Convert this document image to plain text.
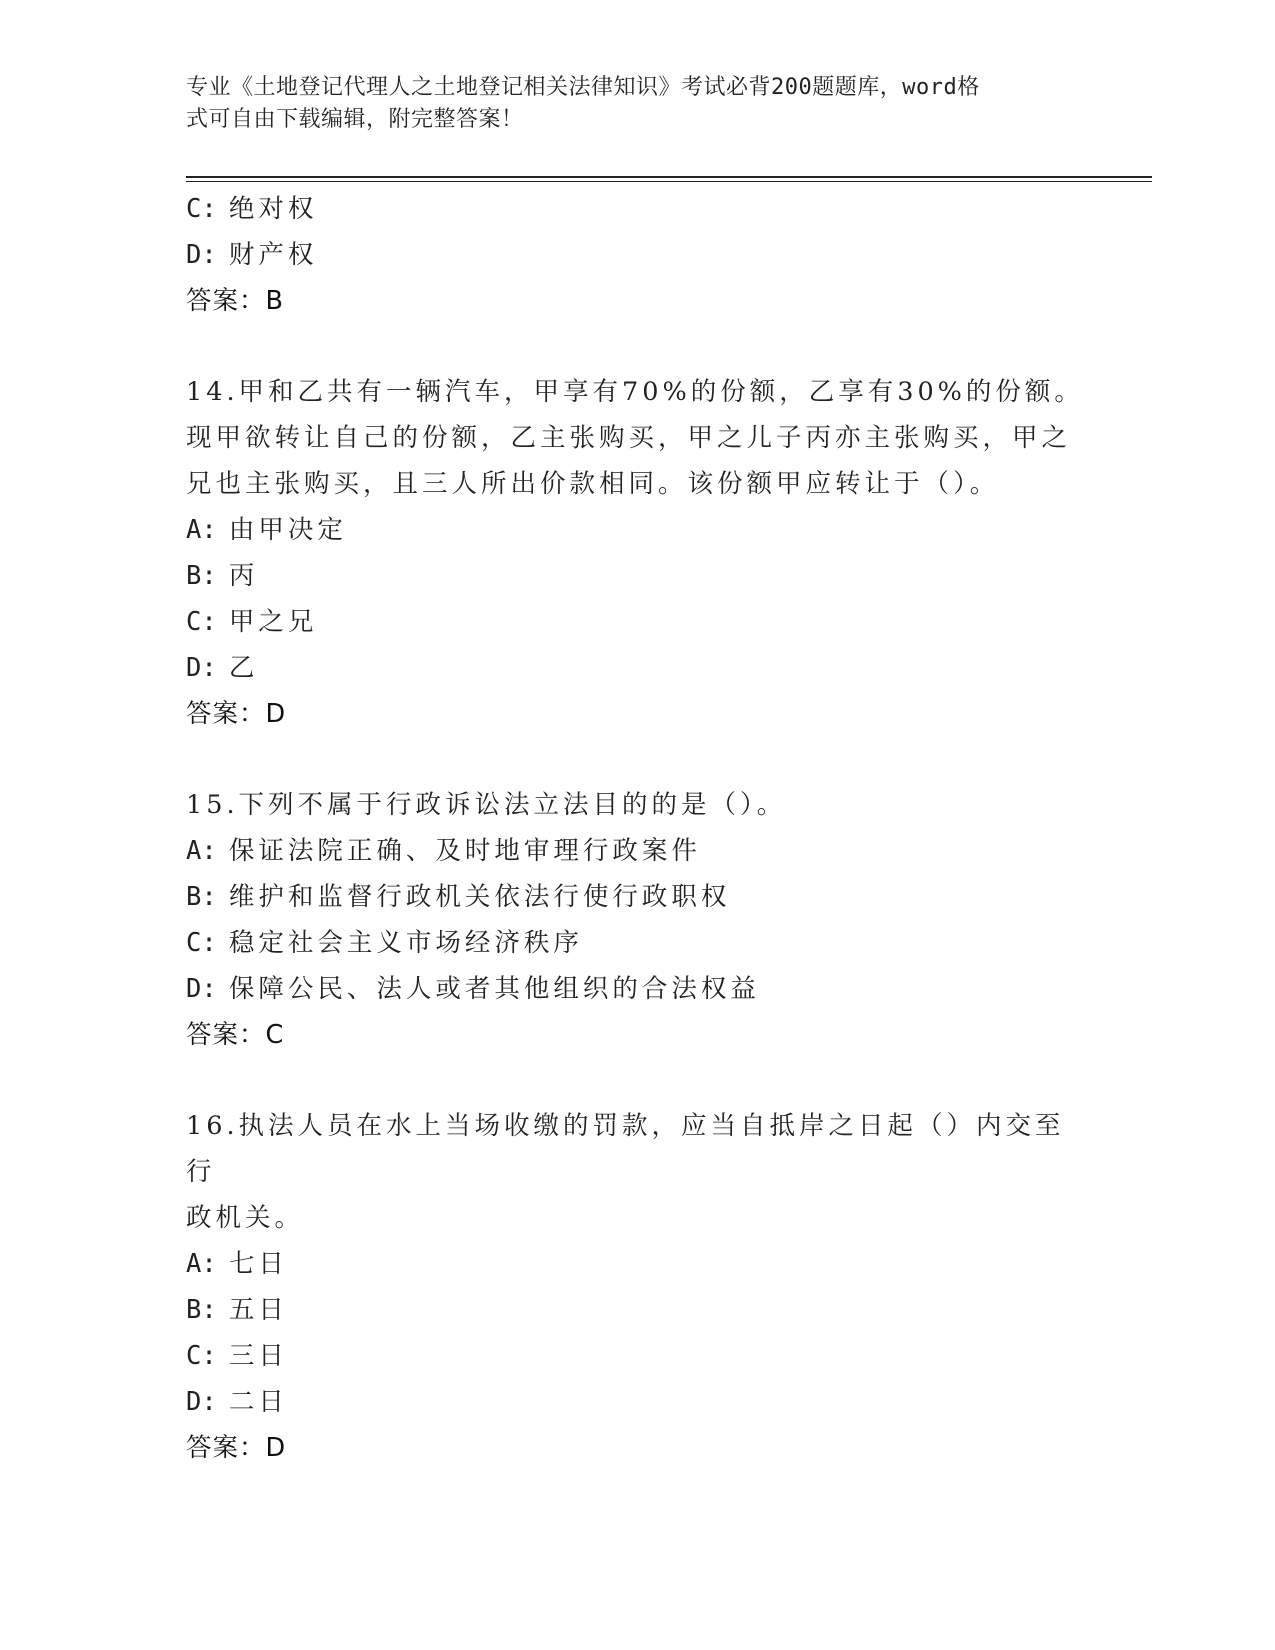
专业《土地登记代理人之土地登记相关法律知识》考试必背200题题库，word格
式可自由下载编辑，附完整答案！
C: 绝对权
D: 财产权
答案：B
14.甲和乙共有一辆汽车，甲享有70%的份额，乙享有30%的份额。
现甲欲转让自己的份额，乙主张购买，甲之儿子丙亦主张购买，甲之
兄也主张购买，且三人所出价款相同。该份额甲应转让于（）。
A: 由甲决定
B: 丙
C: 甲之兄
D: 乙
答案：D
15.下列不属于行政诉讼法立法目的的是（）。
A: 保证法院正确、及时地审理行政案件
B: 维护和监督行政机关依法行使行政职权
C: 稳定社会主义市场经济秩序
D: 保障公民、法人或者其他组织的合法权益
答案：C
16.执法人员在水上当场收缴的罚款，应当自抵岸之日起（）内交至行
政机关。
A: 七日
B: 五日
C: 三日
D: 二日
答案：D
